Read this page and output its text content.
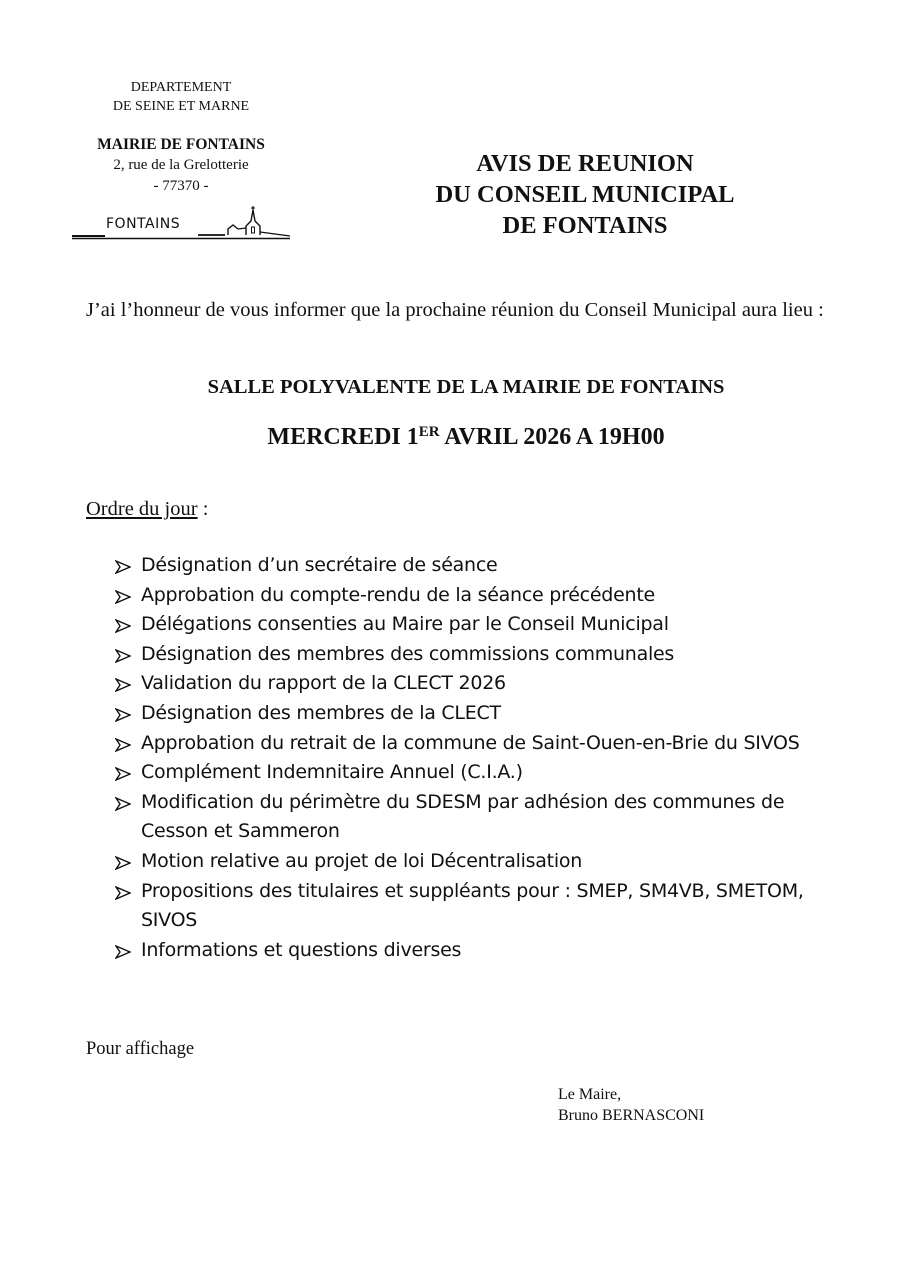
DEPARTEMENT
DE SEINE ET MARNE
MAIRIE DE FONTAINS
2, rue de la Grelotterie
- 77370 -
FONTAINS
AVIS DE REUNION
DU CONSEIL MUNICIPAL
DE FONTAINS
J’ai l’honneur de vous informer que la prochaine réunion du Conseil Municipal aura lieu :
SALLE POLYVALENTE DE LA MAIRIE DE FONTAINS
MERCREDI 1ER AVRIL 2026 A 19H00
Ordre du jour :
Désignation d’un secrétaire de séance
Approbation du compte-rendu de la séance précédente
Délégations consenties au Maire par le Conseil Municipal
Désignation des membres des commissions communales
Validation du rapport de la CLECT 2026
Désignation des membres de la CLECT
Approbation du retrait de la commune de Saint-Ouen-en-Brie du SIVOS
Complément Indemnitaire Annuel (C.I.A.)
Modification du périmètre du SDESM par adhésion des communes de Cesson et Sammeron
Motion relative au projet de loi Décentralisation
Propositions des titulaires et suppléants pour : SMEP, SM4VB, SMETOM, SIVOS
Informations et questions diverses
Pour affichage
Le Maire,
Bruno BERNASCONI
